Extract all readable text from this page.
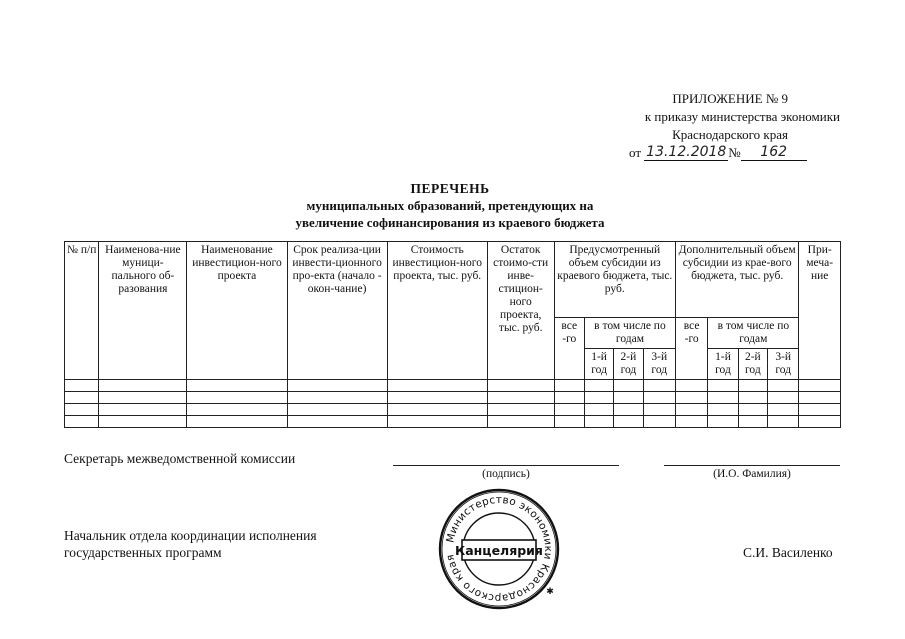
ПРИЛОЖЕНИЕ № 9
к приказу министерства экономики
Краснодарского края
от 13.12.2018 № 162
ПЕРЕЧЕНЬ
муниципальных образований, претендующих на
увеличение софинансирования из краевого бюджета
№ п/п	Наименова-ние муници-пального об-разования	Наименование инвестицион-ного проекта	Срок реализа-ции инвести-ционного про-екта (начало - окон-чание)	Стоимость инвестицион-ного проекта, тыс. руб.	Остаток стоимо-сти инве-стицион-ного проекта, тыс. руб.	Предусмотренный объем субсидии из краевого бюджета, тыс. руб.				Дополнительный объем субсидии из крае-вого бюджета, тыс. руб.				При-меча-ние
						все -го	в том числе по годам			все -го	в том числе по годам			
							1-й год	2-й год	3-й год		1-й год	2-й год	3-й год	

Секретарь межведомственной комиссии
(подпись)	(И.О. Фамилия)
Начальник отдела координации исполнения
государственных программ	С.И. Василенко
Министерство экономики Краснодарского края
✱
Канцелярия
